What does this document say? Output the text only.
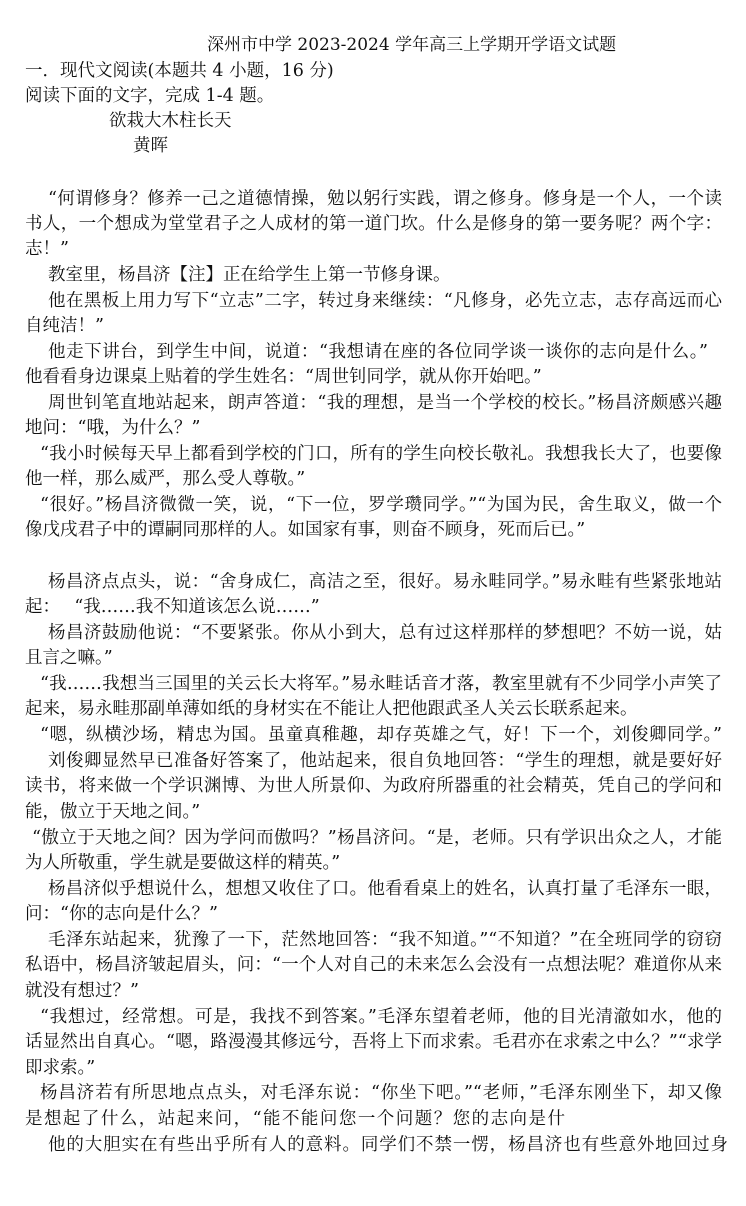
深州市中学 2023-2024 学年高三上学期开学语文试题
一．现代文阅读(本题共 4 小题，16 分)
阅读下面的文字，完成 1-4 题。
欲栽大木柱长天
黄晖
“何谓修身？修养一己之道德情操，勉以躬行实践，谓之修身。修身是一个人，一个读
书人，一个想成为堂堂君子之人成材的第一道门坎。什么是修身的第一要务呢？两个字：
志！”
教室里，杨昌济【注】正在给学生上第一节修身课。
他在黑板上用力写下“立志”二字，转过身来继续：“凡修身，必先立志，志存高远而心
自纯洁！”
他走下讲台，到学生中间，说道：“我想请在座的各位同学谈一谈你的志向是什么。”
他看看身边课桌上贴着的学生姓名：“周世钊同学，就从你开始吧。”
周世钊笔直地站起来，朗声答道：“我的理想，是当一个学校的校长。”杨昌济颇感兴趣
地问：“哦，为什么？”
“我小时候每天早上都看到学校的门口，所有的学生向校长敬礼。我想我长大了，也要像
他一样，那么威严，那么受人尊敬。”
“很好。”杨昌济微微一笑，说，“下一位，罗学瓒同学。”“为国为民，舍生取义，做一个
像戊戌君子中的谭嗣同那样的人。如国家有事，则奋不顾身，死而后已。”
杨昌济点点头，说：“舍身成仁，高洁之至，很好。易永畦同学。”易永畦有些紧张地站
起：　 “我……我不知道该怎么说……”
杨昌济鼓励他说：“不要紧张。你从小到大，总有过这样那样的梦想吧？不妨一说，姑
且言之嘛。”
“我……我想当三国里的关云长大将军。”易永畦话音才落，教室里就有不少同学小声笑了
起来，易永畦那副单薄如纸的身材实在不能让人把他跟武圣人关云长联系起来。
“嗯，纵横沙场，精忠为国。虽童真稚趣，却存英雄之气，好！下一个，刘俊卿同学。”
刘俊卿显然早已准备好答案了，他站起来，很自负地回答：“学生的理想，就是要好好
读书，将来做一个学识渊博、为世人所景仰、为政府所器重的社会精英，凭自己的学问和
能，傲立于天地之间。”
“傲立于天地之间？因为学问而傲吗？”杨昌济问。“是，老师。只有学识出众之人，才能
为人所敬重，学生就是要做这样的精英。”
杨昌济似乎想说什么，想想又收住了口。他看看桌上的姓名，认真打量了毛泽东一眼，
问：“你的志向是什么？”
毛泽东站起来，犹豫了一下，茫然地回答：“我不知道。”“不知道？”在全班同学的窃窃
私语中，杨昌济皱起眉头，问：“一个人对自己的未来怎么会没有一点想法呢？难道你从来
就没有想过？”
“我想过，经常想。可是，我找不到答案。”毛泽东望着老师，他的目光清澈如水，他的
话显然出自真心。“嗯，路漫漫其修远兮，吾将上下而求索。毛君亦在求索之中么？”“求学
即求索。”
杨昌济若有所思地点点头，对毛泽东说：“你坐下吧。”“老师，”毛泽东刚坐下，却又像
是想起了什么，站起来问，“能不能问您一个问题？您的志向是什
他的大胆实在有些出乎所有人的意料。同学们不禁一愣，杨昌济也有些意外地回过身
